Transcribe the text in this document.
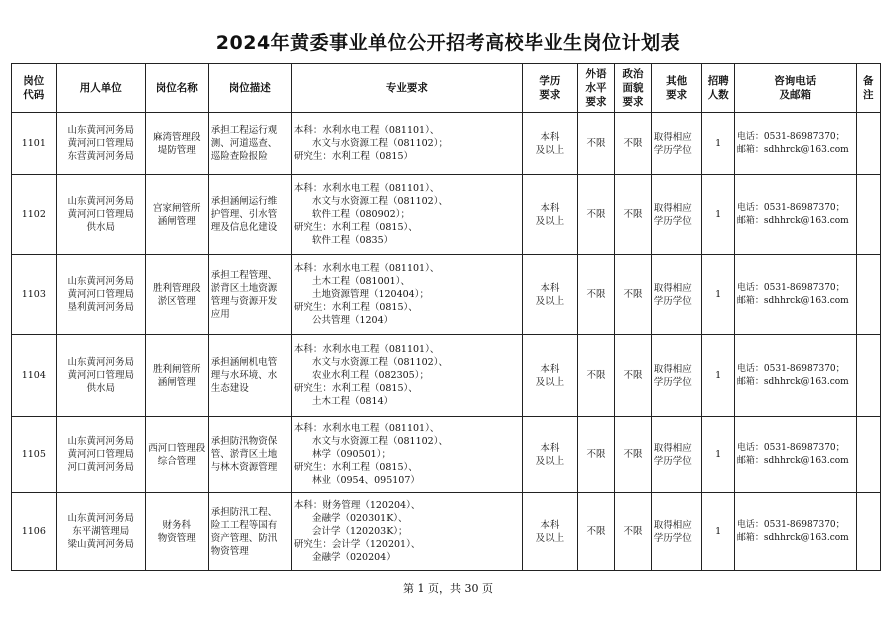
2024年黄委事业单位公开招考高校毕业生岗位计划表
岗位
代码	用人单位	岗位名称	岗位描述	专业要求	学历
要求	外语
水平
要求	政治
面貌
要求	其他
要求	招聘
人数	咨询电话
及邮箱	备
注
1101	山东黄河河务局
黄河河口管理局
东营黄河河务局	麻湾管理段
堤防管理	承担工程运行观
测、河道巡查、
巡险查险报险	本科：水利水电工程（081101）、
水文与水资源工程（081102）；
研究生：水利工程（0815）	本科
及以上	不限	不限	取得相应
学历学位	1	电话：0531-86987370；
邮箱：sdhhrck@163.com	
1102	山东黄河河务局
黄河河口管理局
供水局	宫家闸管所
涵闸管理	承担涵闸运行维
护管理、引水管
理及信息化建设	本科：水利水电工程（081101）、
水文与水资源工程（081102）、
软件工程（080902）；
研究生：水利工程（0815）、
软件工程（0835）	本科
及以上	不限	不限	取得相应
学历学位	1	电话：0531-86987370；
邮箱：sdhhrck@163.com	
1103	山东黄河河务局
黄河河口管理局
垦利黄河河务局	胜利管理段
淤区管理	承担工程管理、
淤背区土地资源
管理与资源开发
应用	本科：水利水电工程（081101）、
土木工程（081001）、
土地资源管理（120404）；
研究生：水利工程（0815）、
公共管理（1204）	本科
及以上	不限	不限	取得相应
学历学位	1	电话：0531-86987370；
邮箱：sdhhrck@163.com	
1104	山东黄河河务局
黄河河口管理局
供水局	胜利闸管所
涵闸管理	承担涵闸机电管
理与水环境、水
生态建设	本科：水利水电工程（081101）、
水文与水资源工程（081102）、
农业水利工程（082305）；
研究生：水利工程（0815）、
土木工程（0814）	本科
及以上	不限	不限	取得相应
学历学位	1	电话：0531-86987370；
邮箱：sdhhrck@163.com	
1105	山东黄河河务局
黄河河口管理局
河口黄河河务局	西河口管理段
综合管理	承担防汛物资保
管、淤背区土地
与林木资源管理	本科：水利水电工程（081101）、
水文与水资源工程（081102）、
林学（090501）；
研究生：水利工程（0815）、
林业（0954、095107）	本科
及以上	不限	不限	取得相应
学历学位	1	电话：0531-86987370；
邮箱：sdhhrck@163.com	
1106	山东黄河河务局
东平湖管理局
梁山黄河河务局	财务科
物资管理	承担防汛工程、
险工工程等国有
资产管理、防汛
物资管理	本科：财务管理（120204）、
金融学（020301K）、
会计学（120203K）；
研究生：会计学（120201）、
金融学（020204）	本科
及以上	不限	不限	取得相应
学历学位	1	电话：0531-86987370；
邮箱：sdhhrck@163.com	
第 1 页，共 30 页
